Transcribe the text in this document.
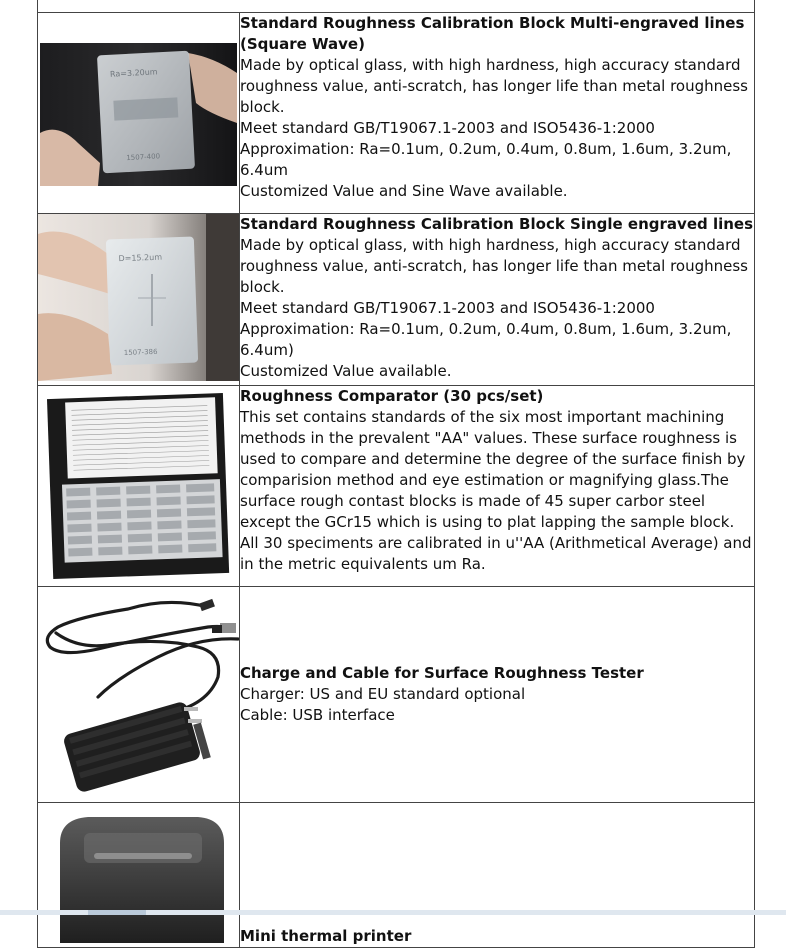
Ra=3.20um
1507-400	Standard Roughness Calibration Block Multi-engraved lines (Square Wave)
Made by optical glass, with high hardness, high accuracy standard roughness value, anti-scratch, has longer life than metal roughness block.
Meet standard GB/T19067.1-2003 and ISO5436-1:2000
Approximation: Ra=0.1um, 0.2um, 0.4um, 0.8um, 1.6um, 3.2um, 6.4um
Customized Value and Sine Wave available.

D=15.2um
1507-386	Standard Roughness Calibration Block Single engraved lines
Made by optical glass, with high hardness, high accuracy standard roughness value, anti-scratch, has longer life than metal roughness block.
Meet standard GB/T19067.1-2003 and ISO5436-1:2000
Approximation: Ra=0.1um, 0.2um, 0.4um, 0.8um, 1.6um, 3.2um, 6.4um)
Customized Value available.

Roughness Comparator (30 pcs/set)
This set contains standards of the six most important machining methods in the prevalent "AA" values. These surface roughness is used to compare and determine the degree of the surface finish by comparision method and eye estimation or magnifying glass.The surface rough contast blocks is made of 45 super carbor steel except the GCr15 which is using to plat lapping the sample block. All 30 speciments are calibrated in u''AA (Arithmetical Average) and in the metric equivalents um Ra.

Charge and Cable for Surface Roughness Tester
Charger: US and EU standard optional
Cable: USB interface

Mini thermal printer
